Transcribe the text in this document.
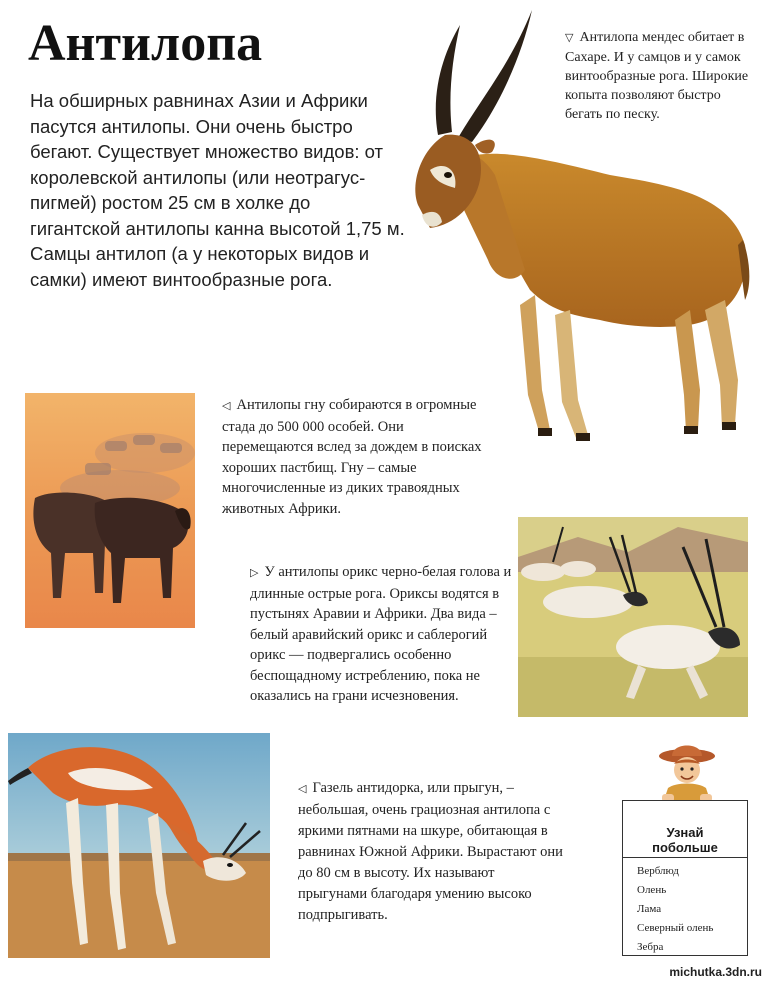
Антилопа

На обширных равнинах Азии и Африки пасутся антилопы. Они очень быстро бегают. Существует множество видов: от королевской антилопы (или неотрагус-пигмей) ростом 25 см в холке до гигантской антилопы канна высотой 1,75 м. Самцы антилоп (а у некоторых видов и самки) имеют винтообразные рога.

▽ Антилопа мендес обитает в Сахаре. И у самцов и у самок винтообразные рога. Широкие копыта позволяют быстро бегать по песку.
◁ Антилопы гну собираются в огромные стада до 500 000 особей. Они перемещаются вслед за дождем в поисках хороших пастбищ. Гну – самые многочисленные из диких травоядных животных Африки.
▷ У антилопы орикс черно-белая голова и длинные острые рога. Ориксы водятся в пустынях Аравии и Африки. Два вида – белый аравийский орикс и саблерогий орикс — подвергались особенно беспощадному истреблению, пока не оказались на грани исчезновения.
◁ Газель антидорка, или прыгун, – небольшая, очень грациозная антилопа с яркими пятнами на шкуре, обитающая в равнинах Южной Африки. Вырастают они до 80 см в высоту. Их называют прыгунами благодаря умению высоко подпрыгивать.
Узнай
побольше
Верблюд
Олень
Лама
Северный олень
Зебра
michutka.3dn.ru
